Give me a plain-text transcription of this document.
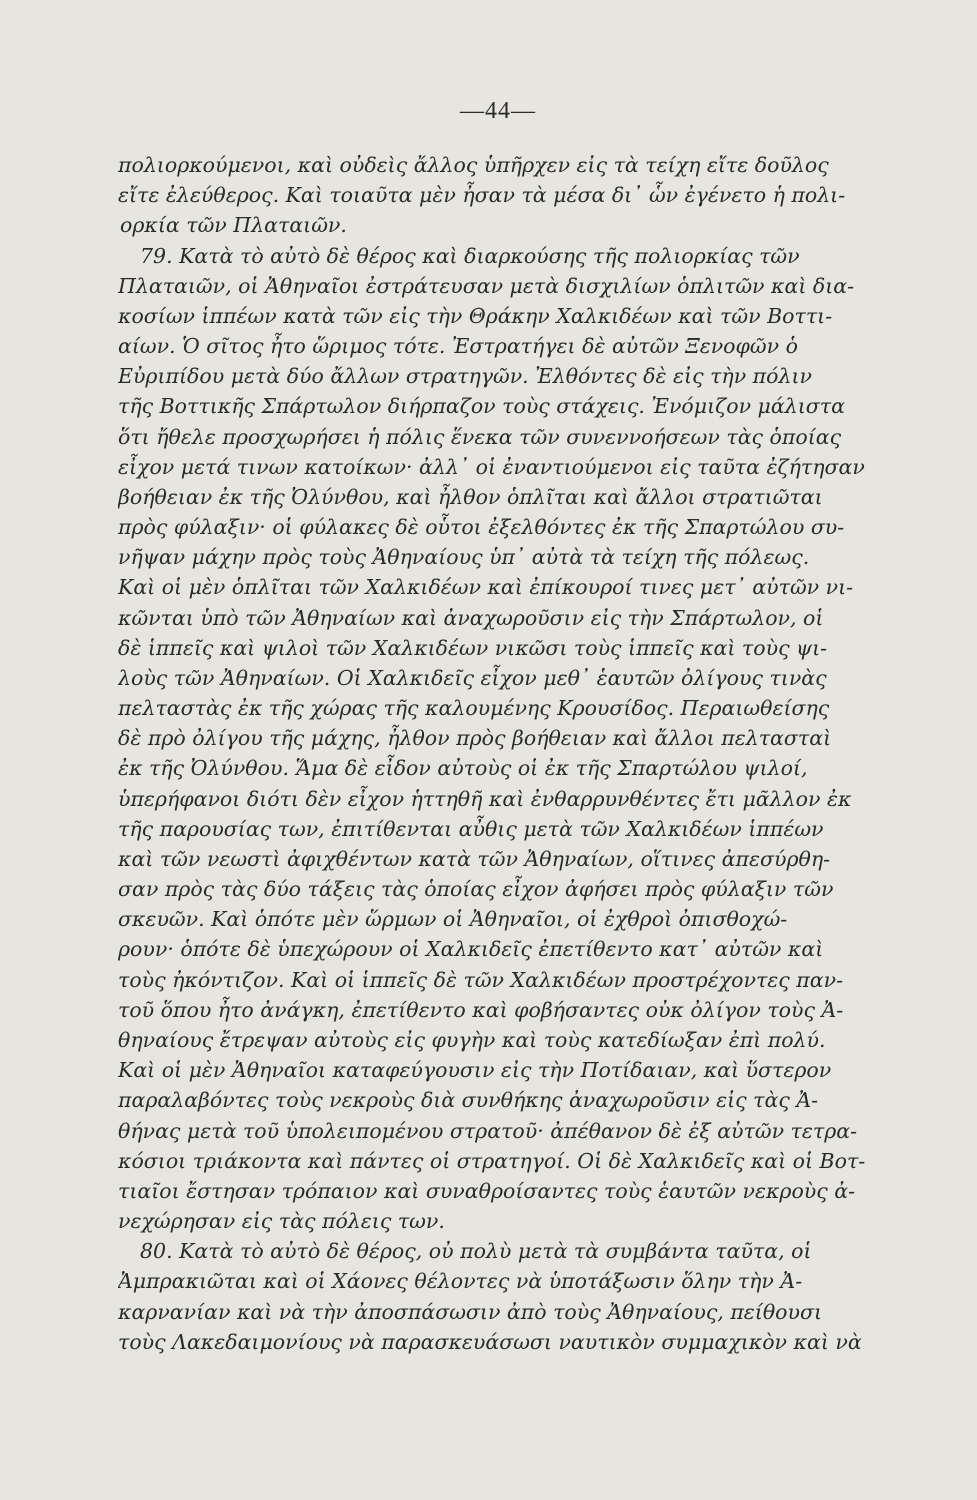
—44—
πολιορκούμενοι, καὶ οὐδεὶς ἄλλος ὑπῆρχεν εἰς τὰ τείχη εἴτε δοῦλος
εἴτε ἐλεύθερος. Καὶ τοιαῦτα μὲν ἦσαν τὰ μέσα δι᾽ ὧν ἐγένετο ἡ πολι-
ορκία τῶν Πλαταιῶν.
79. Κατὰ τὸ αὐτὸ δὲ θέρος καὶ διαρκούσης τῆς πολιορκίας τῶν
Πλαταιῶν, οἱ Ἀθηναῖοι ἐστράτευσαν μετὰ δισχιλίων ὁπλιτῶν καὶ δια-
κοσίων ἱππέων κατὰ τῶν εἰς τὴν Θράκην Χαλκιδέων καὶ τῶν Βοττι-
αίων. Ὁ σῖτος ἦτο ὥριμος τότε. Ἐστρατήγει δὲ αὐτῶν Ξενοφῶν ὁ
Εὐριπίδου μετὰ δύο ἄλλων στρατηγῶν. Ἐλθόντες δὲ εἰς τὴν πόλιν
τῆς Βοττικῆς Σπάρτωλον διήρπαζον τοὺς στάχεις. Ἐνόμιζον μάλιστα
ὅτι ἤθελε προσχωρήσει ἡ πόλις ἕνεκα τῶν συνεννοήσεων τὰς ὁποίας
εἶχον μετά τινων κατοίκων· ἀλλ᾽ οἱ ἐναντιούμενοι εἰς ταῦτα ἐζήτησαν
βοήθειαν ἐκ τῆς Ὀλύνθου, καὶ ἦλθον ὁπλῖται καὶ ἄλλοι στρατιῶται
πρὸς φύλαξιν· οἱ φύλακες δὲ οὗτοι ἐξελθόντες ἐκ τῆς Σπαρτώλου συ-
νῆψαν μάχην πρὸς τοὺς Ἀθηναίους ὑπ᾽ αὐτὰ τὰ τείχη τῆς πόλεως.
Καὶ οἱ μὲν ὁπλῖται τῶν Χαλκιδέων καὶ ἐπίκουροί τινες μετ᾽ αὐτῶν νι-
κῶνται ὑπὸ τῶν Ἀθηναίων καὶ ἀναχωροῦσιν εἰς τὴν Σπάρτωλον, οἱ
δὲ ἱππεῖς καὶ ψιλοὶ τῶν Χαλκιδέων νικῶσι τοὺς ἱππεῖς καὶ τοὺς ψι-
λοὺς τῶν Ἀθηναίων. Οἱ Χαλκιδεῖς εἶχον μεθ᾽ ἑαυτῶν ὀλίγους τινὰς
πελταστὰς ἐκ τῆς χώρας τῆς καλουμένης Κρουσίδος. Περαιωθείσης
δὲ πρὸ ὀλίγου τῆς μάχης, ἦλθον πρὸς βοήθειαν καὶ ἄλλοι πελτασταὶ
ἐκ τῆς Ὀλύνθου. Ἅμα δὲ εἶδον αὐτοὺς οἱ ἐκ τῆς Σπαρτώλου ψιλοί,
ὑπερήφανοι διότι δὲν εἶχον ἡττηθῆ καὶ ἐνθαρρυνθέντες ἔτι μᾶλλον ἐκ
τῆς παρουσίας των, ἐπιτίθενται αὖθις μετὰ τῶν Χαλκιδέων ἱππέων
καὶ τῶν νεωστὶ ἀφιχθέντων κατὰ τῶν Ἀθηναίων, οἵτινες ἀπεσύρθη-
σαν πρὸς τὰς δύο τάξεις τὰς ὁποίας εἶχον ἀφήσει πρὸς φύλαξιν τῶν
σκευῶν. Καὶ ὁπότε μὲν ὥρμων οἱ Ἀθηναῖοι, οἱ ἐχθροὶ ὀπισθοχώ-
ρουν· ὁπότε δὲ ὑπεχώρουν οἱ Χαλκιδεῖς ἐπετίθεντο κατ᾽ αὐτῶν καὶ
τοὺς ἠκόντιζον. Καὶ οἱ ἱππεῖς δὲ τῶν Χαλκιδέων προστρέχοντες παν-
τοῦ ὅπου ἦτο ἀνάγκη, ἐπετίθεντο καὶ φοβήσαντες οὐκ ὀλίγον τοὺς Ἀ-
θηναίους ἔτρεψαν αὐτοὺς εἰς φυγὴν καὶ τοὺς κατεδίωξαν ἐπὶ πολύ.
Καὶ οἱ μὲν Ἀθηναῖοι καταφεύγουσιν εἰς τὴν Ποτίδαιαν, καὶ ὕστερον
παραλαβόντες τοὺς νεκροὺς διὰ συνθήκης ἀναχωροῦσιν εἰς τὰς Ἀ-
θήνας μετὰ τοῦ ὑπολειπομένου στρατοῦ· ἀπέθανον δὲ ἐξ αὐτῶν τετρα-
κόσιοι τριάκοντα καὶ πάντες οἱ στρατηγοί. Οἱ δὲ Χαλκιδεῖς καὶ οἱ Βοτ-
τιαῖοι ἔστησαν τρόπαιον καὶ συναθροίσαντες τοὺς ἑαυτῶν νεκροὺς ἀ-
νεχώρησαν εἰς τὰς πόλεις των.
80. Κατὰ τὸ αὐτὸ δὲ θέρος, οὐ πολὺ μετὰ τὰ συμβάντα ταῦτα, οἱ
Ἀμπρακιῶται καὶ οἱ Χάονες θέλοντες νὰ ὑποτάξωσιν ὅλην τὴν Ἀ-
καρνανίαν καὶ νὰ τὴν ἀποσπάσωσιν ἀπὸ τοὺς Ἀθηναίους, πείθουσι
τοὺς Λακεδαιμονίους νὰ παρασκευάσωσι ναυτικὸν συμμαχικὸν καὶ νὰ
